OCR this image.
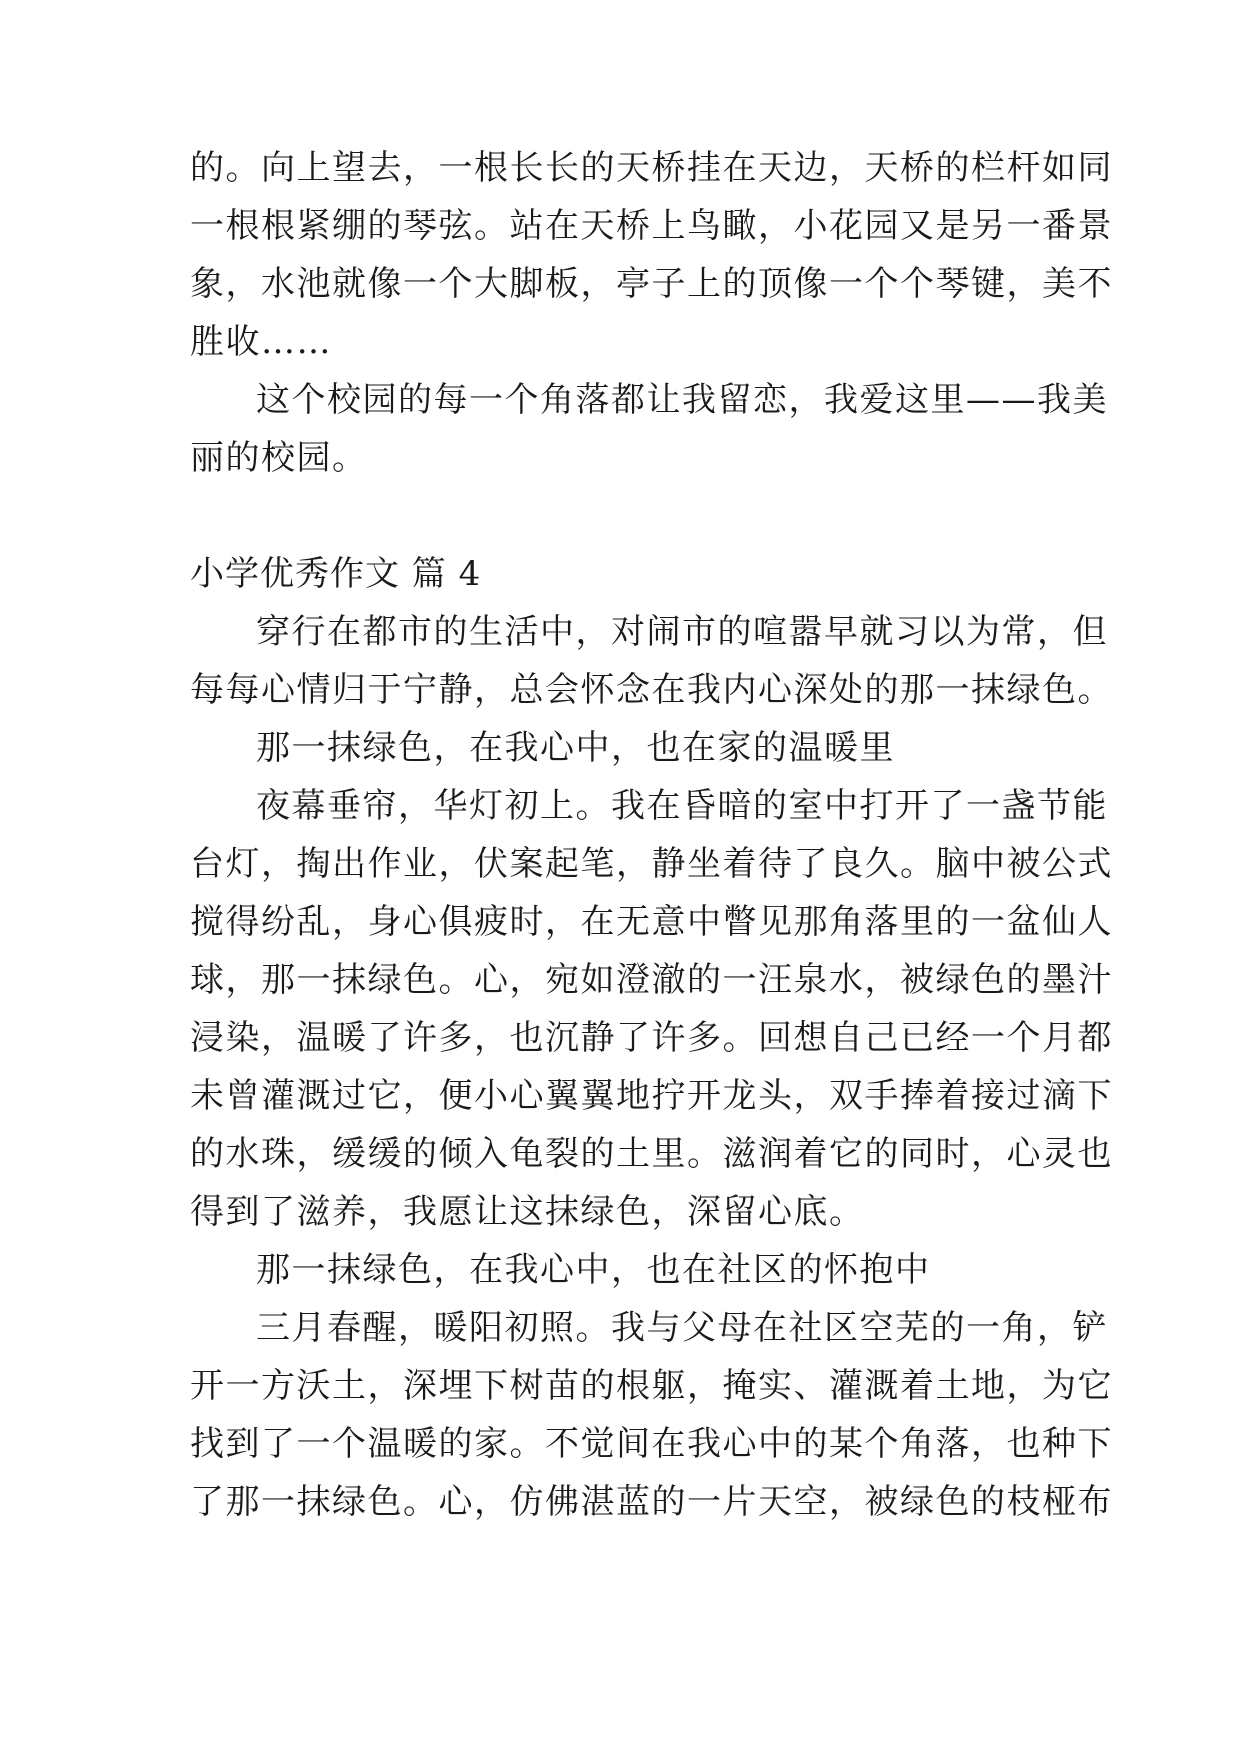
的。向上望去，一根长长的天桥挂在天边，天桥的栏杆如同
一根根紧绷的琴弦。站在天桥上鸟瞰，小花园又是另一番景
象，水池就像一个大脚板，亭子上的顶像一个个琴键，美不
胜收……
这个校园的每一个角落都让我留恋，我爱这里——我美
丽的校园。
小学优秀作文 篇 4
穿行在都市的生活中，对闹市的喧嚣早就习以为常，但
每每心情归于宁静，总会怀念在我内心深处的那一抹绿色。
那一抹绿色，在我心中，也在家的温暖里
夜幕垂帘，华灯初上。我在昏暗的室中打开了一盏节能
台灯，掏出作业，伏案起笔，静坐着待了良久。脑中被公式
搅得纷乱，身心俱疲时，在无意中瞥见那角落里的一盆仙人
球，那一抹绿色。心，宛如澄澈的一汪泉水，被绿色的墨汁
浸染，温暖了许多，也沉静了许多。回想自己已经一个月都
未曾灌溉过它，便小心翼翼地拧开龙头，双手捧着接过滴下
的水珠，缓缓的倾入龟裂的土里。滋润着它的同时，心灵也
得到了滋养，我愿让这抹绿色，深留心底。
那一抹绿色，在我心中，也在社区的怀抱中
三月春醒，暖阳初照。我与父母在社区空芜的一角，铲
开一方沃土，深埋下树苗的根躯，掩实、灌溉着土地，为它
找到了一个温暖的家。不觉间在我心中的某个角落，也种下
了那一抹绿色。心，仿佛湛蓝的一片天空，被绿色的枝桠布
